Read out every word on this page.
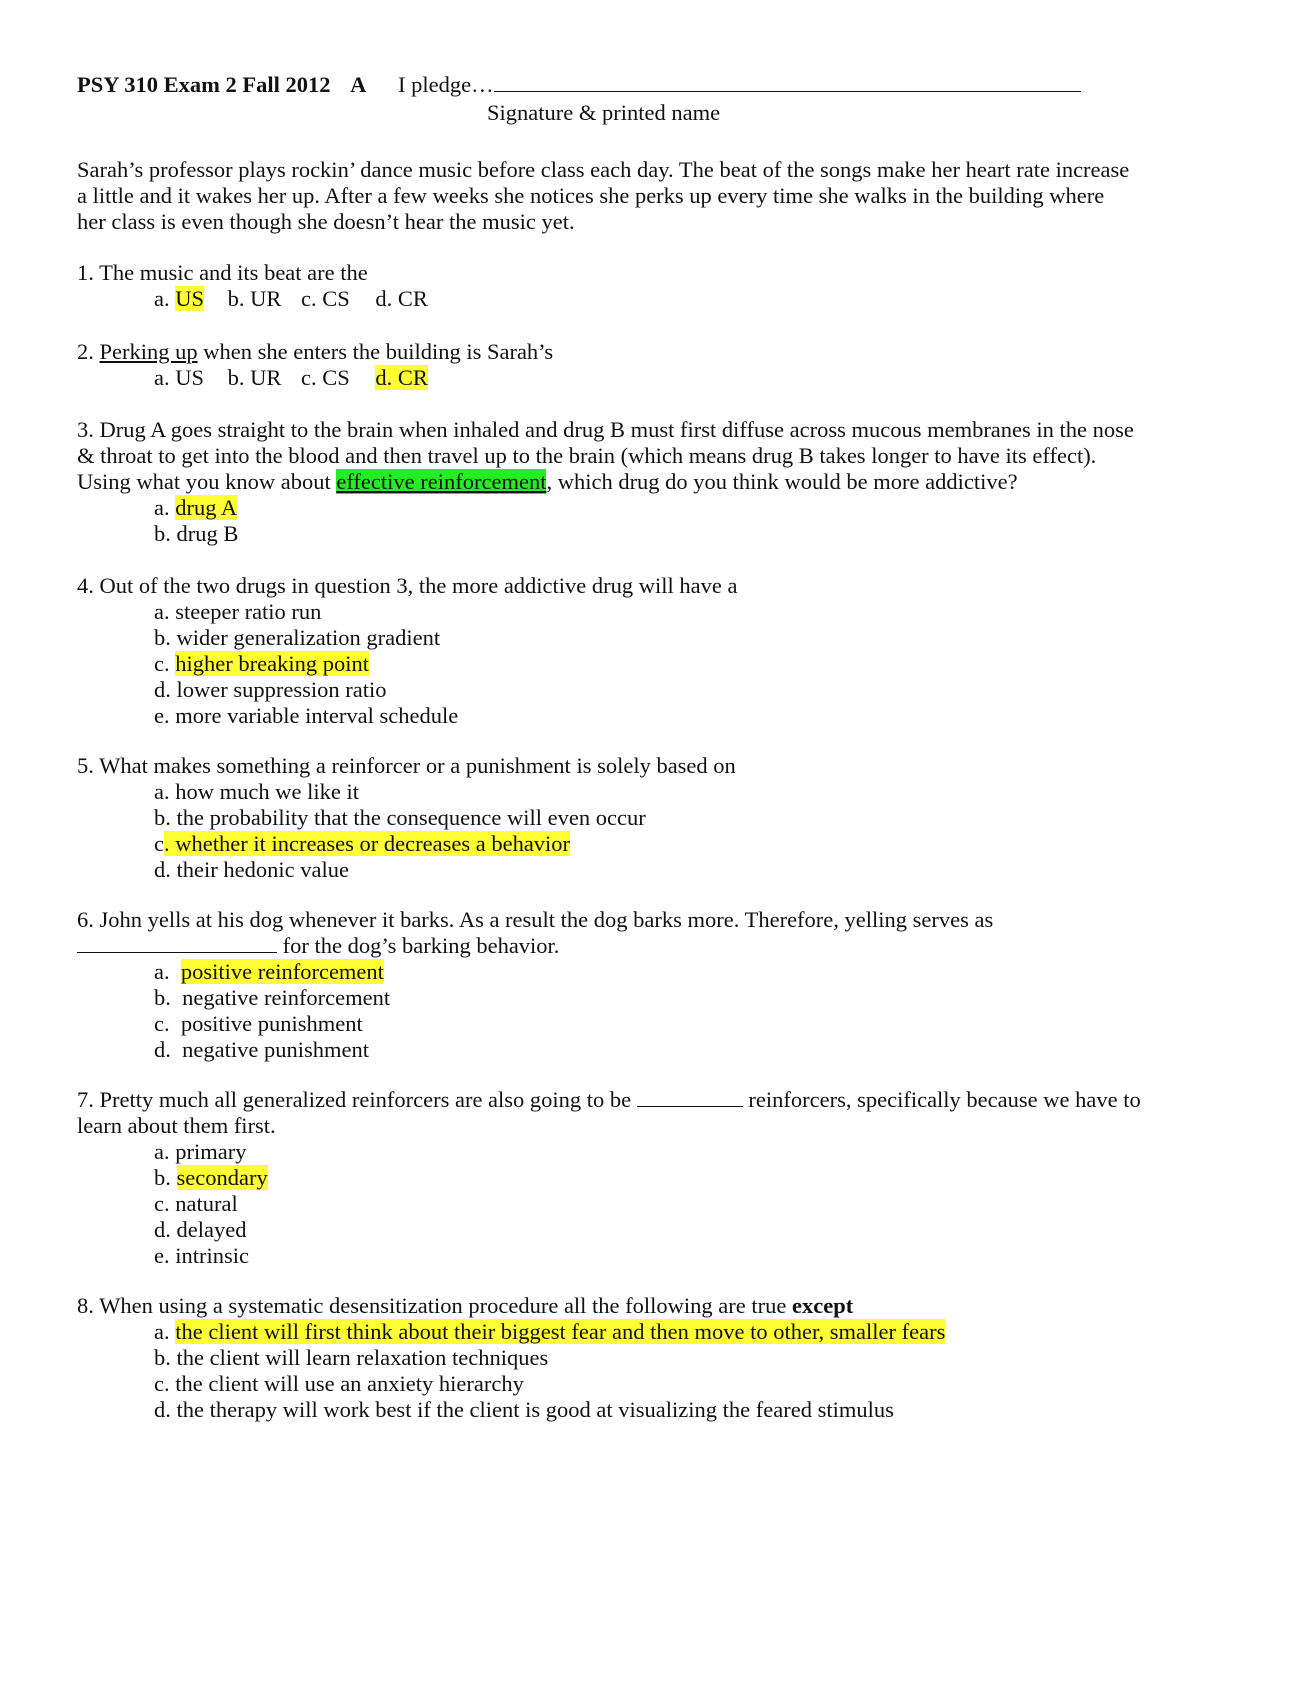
PSY 310 Exam 2 Fall 2012 A I pledge…
Signature & printed name
Sarah’s professor plays rockin’ dance music before class each day. The beat of the songs make her heart rate increase
a little and it wakes her up. After a few weeks she notices she perks up every time she walks in the building where
her class is even though she doesn’t hear the music yet.
1. The music and its beat are the
a. US b. UR c. CS d. CR
2. Perking up when she enters the building is Sarah’s
a. US b. UR c. CS d. CR
3. Drug A goes straight to the brain when inhaled and drug B must first diffuse across mucous membranes in the nose
& throat to get into the blood and then travel up to the brain (which means drug B takes longer to have its effect).
Using what you know about effective reinforcement, which drug do you think would be more addictive?
a. drug A
b. drug B
4. Out of the two drugs in question 3, the more addictive drug will have a
a. steeper ratio run
b. wider generalization gradient
c. higher breaking point
d. lower suppression ratio
e. more variable interval schedule
5. What makes something a reinforcer or a punishment is solely based on
a. how much we like it
b. the probability that the consequence will even occur
c. whether it increases or decreases a behavior
d. their hedonic value
6. John yells at his dog whenever it barks. As a result the dog barks more. Therefore, yelling serves as
for the dog’s barking behavior.
a. positive reinforcement
b. negative reinforcement
c. positive punishment
d. negative punishment
7. Pretty much all generalized reinforcers are also going to be	reinforcers, specifically because we have to
learn about them first.
a. primary
b. secondary
c. natural
d. delayed
e. intrinsic
8. When using a systematic desensitization procedure all the following are true except
a. the client will first think about their biggest fear and then move to other, smaller fears
b. the client will learn relaxation techniques
c. the client will use an anxiety hierarchy
d. the therapy will work best if the client is good at visualizing the feared stimulus
